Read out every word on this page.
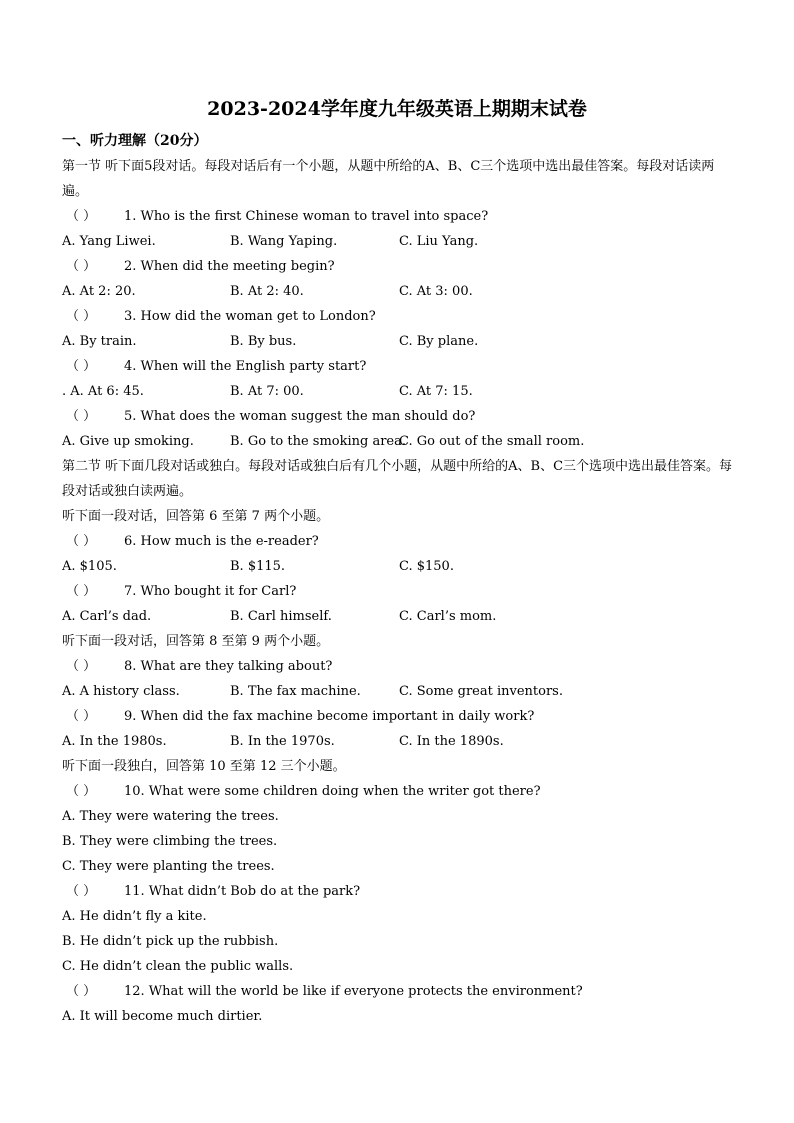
2023-2024学年度九年级英语上期期末试卷
一、听力理解（20分）
第一节 听下面5段对话。每段对话后有一个小题，从题中所给的A、B、C三个选项中选出最佳答案。每段对话读两遍。
（ ） 1. Who is the first Chinese woman to travel into space?
A. Yang Liwei.	B. Wang Yaping.	C. Liu Yang.
（ ） 2. When did the meeting begin?
A. At 2: 20.	B. At 2: 40.	C. At 3: 00.
（ ） 3. How did the woman get to London?
A. By train.	B. By bus.	C. By plane.
（ ） 4. When will the English party start?
. A. At 6: 45.	B. At 7: 00.	C. At 7: 15.
（ ） 5. What does the woman suggest the man should do?
A. Give up smoking.	B. Go to the smoking area.
C. Go out of the small room.
第二节 听下面几段对话或独白。每段对话或独白后有几个小题，从题中所给的A、B、C三个选项中选出最佳答案。每段对话或独白读两遍。
听下面一段对话，回答第 6 至第 7 两个小题。
（ ） 6. How much is the e-reader?
A. $105.	B. $115.	C. $150.
（ ） 7. Who bought it for Carl?
A. Carl’s dad.	B. Carl himself.	C. Carl’s mom.
听下面一段对话，回答第 8 至第 9 两个小题。
（ ） 8. What are they talking about?
A. A history class.	B. The fax machine.	C. Some great inventors.
（ ） 9. When did the fax machine become important in daily work?
A. In the 1980s.	B. In the 1970s.	C. In the 1890s.
听下面一段独白，回答第 10 至第 12 三个小题。
（ ） 10. What were some children doing when the writer got there?
A. They were watering the trees.
B. They were climbing the trees.
C. They were planting the trees.
（ ） 11. What didn’t Bob do at the park?
A. He didn’t fly a kite.
B. He didn’t pick up the rubbish.
C. He didn’t clean the public walls.
（ ） 12. What will the world be like if everyone protects the environment?
A. It will become much dirtier.
